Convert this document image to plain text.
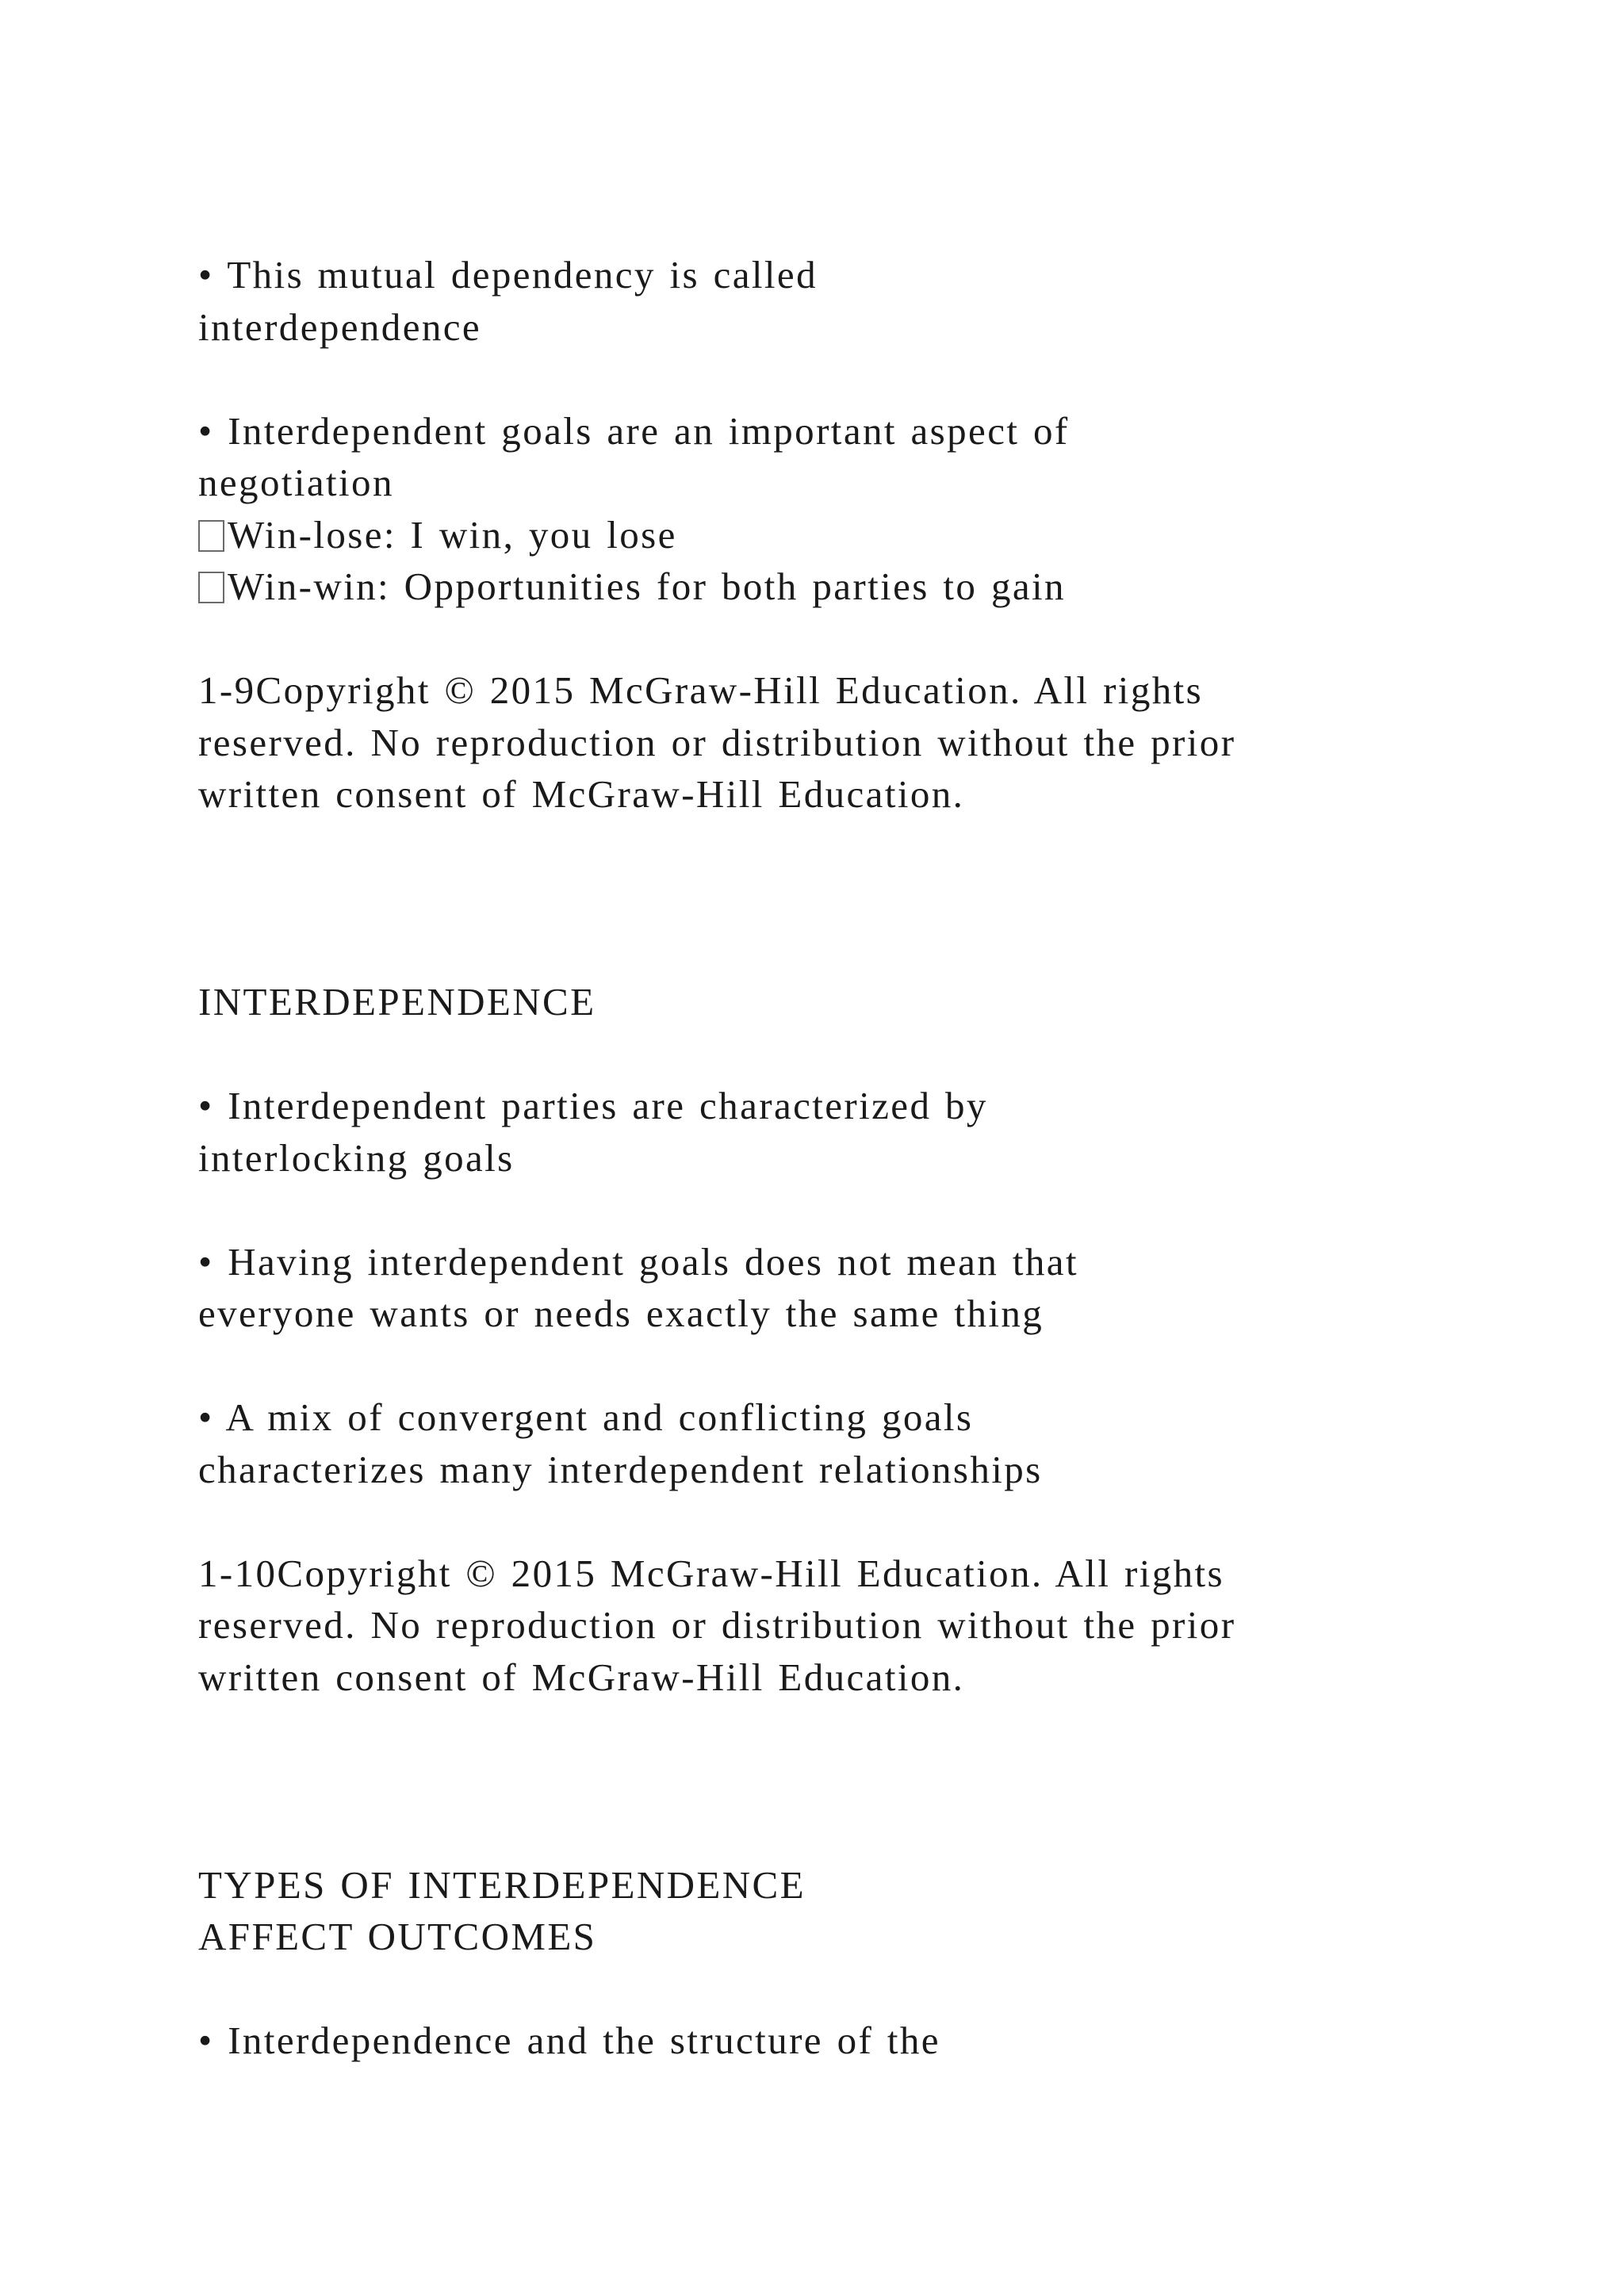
• This mutual dependency is called
interdependence
• Interdependent goals are an important aspect of
negotiation
Win-lose: I win, you lose
Win-win: Opportunities for both parties to gain
1-9Copyright © 2015 McGraw-Hill Education. All rights
reserved. No reproduction or distribution without the prior
written consent of McGraw-Hill Education.
INTERDEPENDENCE
• Interdependent parties are characterized by
interlocking goals
• Having interdependent goals does not mean that
everyone wants or needs exactly the same thing
• A mix of convergent and conflicting goals
characterizes many interdependent relationships
1-10Copyright © 2015 McGraw-Hill Education. All rights
reserved. No reproduction or distribution without the prior
written consent of McGraw-Hill Education.
TYPES OF INTERDEPENDENCE
AFFECT OUTCOMES
• Interdependence and the structure of the
